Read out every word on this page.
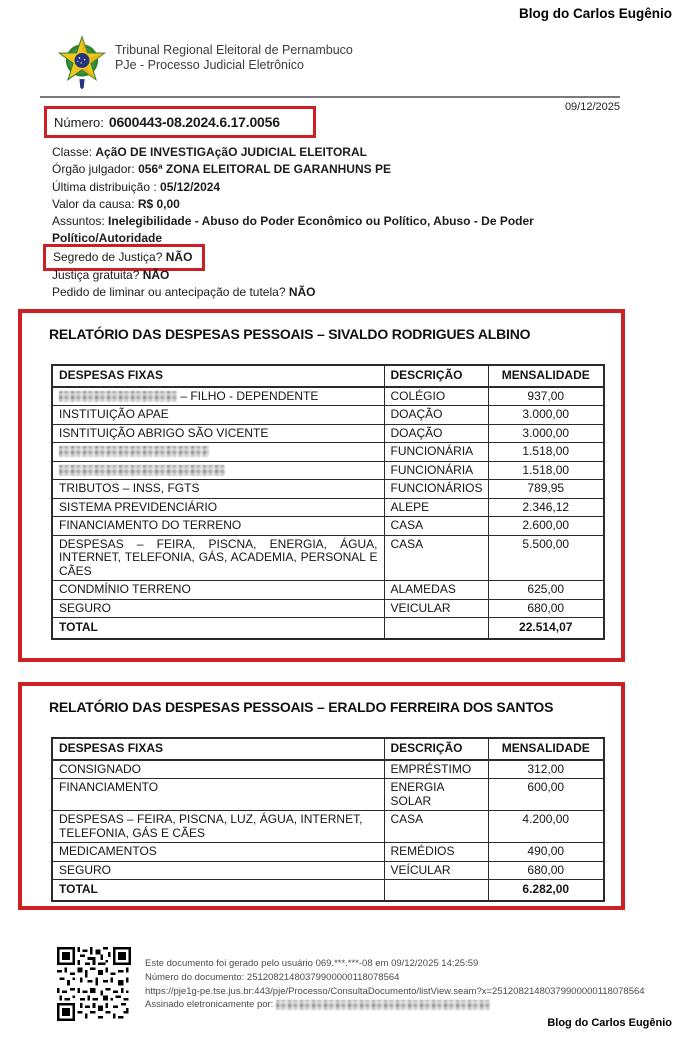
Blog do Carlos Eugênio
Tribunal Regional Eleitoral de Pernambuco
PJe - Processo Judicial Eletrônico
09/12/2025
Número: 0600443-08.2024.6.17.0056
Classe: AçãO DE INVESTIGAçãO JUDICIAL ELEITORAL
Órgão julgador: 056ª ZONA ELEITORAL DE GARANHUNS PE
Última distribuição : 05/12/2024
Valor da causa: R$ 0,00
Assuntos: Inelegibilidade - Abuso do Poder Econômico ou Político, Abuso - De Poder Político/Autoridade
Segredo de Justiça? NÃO
Justiça gratuita? NÃO
Pedido de liminar ou antecipação de tutela? NÃO
RELATÓRIO DAS DESPESAS PESSOAIS – SIVALDO RODRIGUES ALBINO
DESPESAS FIXAS	DESCRIÇÃO	MENSALIDADE
– FILHO - DEPENDENTE	COLÉGIO	937,00
INSTITUIÇÃO APAE	DOAÇÃO	3.000,00
ISNTITUIÇÃO ABRIGO SÃO VICENTE	DOAÇÃO	3.000,00
	FUNCIONÁRIA	1.518,00
	FUNCIONÁRIA	1.518,00
TRIBUTOS – INSS, FGTS	FUNCIONÁRIOS	789,95
SISTEMA PREVIDENCIÁRIO	ALEPE	2.346,12
FINANCIAMENTO DO TERRENO	CASA	2.600,00
DESPESAS – FEIRA, PISCNA, ENERGIA, ÁGUA, INTERNET, TELEFONIA, GÁS, ACADEMIA, PERSONAL E CÃES	CASA	5.500,00
CONDMÍNIO TERRENO	ALAMEDAS	625,00
SEGURO	VEICULAR	680,00
TOTAL		22.514,07
RELATÓRIO DAS DESPESAS PESSOAIS – ERALDO FERREIRA DOS SANTOS
DESPESAS FIXAS	DESCRIÇÃO	MENSALIDADE
CONSIGNADO	EMPRÉSTIMO	312,00
FINANCIAMENTO	ENERGIA SOLAR	600,00
DESPESAS – FEIRA, PISCNA, LUZ, ÁGUA, INTERNET, TELEFONIA, GÁS E CÃES	CASA	4.200,00
MEDICAMENTOS	REMÉDIOS	490,00
SEGURO	VEÍCULAR	680,00
TOTAL		6.282,00
Este documento foi gerado pelo usuário 069.***.***-08 em 09/12/2025 14:25:59
Número do documento: 25120821480379900000118078564
https://pje1g-pe.tse.jus.br:443/pje/Processo/ConsultaDocumento/listView.seam?x=25120821480379900000118078564
Assinado eletronicamente por:
Blog do Carlos Eugênio
